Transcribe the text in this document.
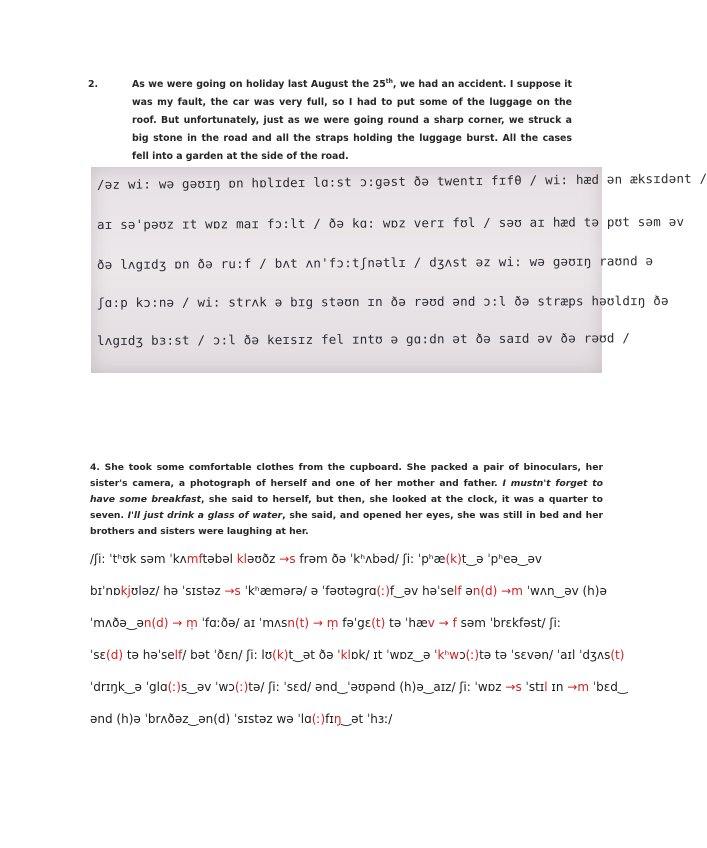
2.	As we were going on holiday last August the 25th, we had an accident. I suppose it was my fault, the car was very full, so I had to put some of the luggage on the roof. But unfortunately, just as we were going round a sharp corner, we struck a big stone in the road and all the straps holding the luggage burst. All the cases fell into a garden at the side of the road.

/əz wi: wə gəʊɪŋ ɒn hɒlɪdeɪ lɑ:st ɔ:gəst ðə twentɪ fɪfθ / wi: hæd ən æksɪdənt /
aɪ sə'pəʊz ɪt wɒz maɪ fɔ:lt / ðə kɑ: wɒz verɪ fʊl / səʊ aɪ hæd tə pʊt səm əv
ðə lʌgɪdʒ ɒn ðə ru:f / bʌt ʌn'fɔ:tʃnətlɪ / dʒʌst əz wi: wə gəʊɪŋ raʊnd ə
ʃɑ:p kɔ:nə / wi: strʌk ə bɪg stəʊn ɪn ðə rəʊd ənd ɔ:l ðə stræps həʊldɪŋ ðə
lʌgɪdʒ bɜ:st / ɔ:l ðə keɪsɪz fel ɪntʊ ə gɑ:dn ət ðə saɪd əv ðə rəʊd /

4. She took some comfortable clothes from the cupboard. She packed a pair of binoculars, her sister's camera, a photograph of herself and one of her mother and father. I mustn't forget to have some breakfast, she said to herself, but then, she looked at the clock, it was a quarter to seven. I'll just drink a glass of water, she said, and opened her eyes, she was still in bed and her brothers and sisters were laughing at her.

/ʃi: ˈtʰʊk səm ˈkʌmftəbəl kləʊðz →s frəm ðə ˈkʰʌbəd/ ʃi: ˈpʰæ(k)t‿ə ˈpʰeə‿əv
bɪˈnɒkjʊləz/ hə ˈsɪstəz →s ˈkʰæmərə/ ə ˈfəʊtəgrɑ(ː)f‿əv həˈself ən(d) →m ˈwʌn‿əv (h)ə
ˈmʌðə‿ən(d) → ṃ ˈfɑːðə/ aɪ ˈmʌsn(t) → ṃ fəˈgɛ(t) tə ˈhæv → f səm ˈbrɛkfəst/ ʃi:
ˈsɛ(d) tə həˈself/ bət ˈðɛn/ ʃi: lʊ(k)t‿ət ðə ˈklɒk/ ɪt ˈwɒz‿ə ˈkʰwɔ(ː)tə tə ˈsɛvən/ ˈaɪl ˈdʒʌs(t)
ˈdrɪŋk‿ə ˈglɑ(ː)s‿əv ˈwɔ(ː)tə/ ʃi: ˈsɛd/ ənd‿ˈəʊpənd (h)ə‿aɪz/ ʃi: ˈwɒz →s ˈstɪl ɪn →m ˈbɛd‿
ənd (h)ə ˈbrʌðəz‿ən(d) ˈsɪstəz wə ˈlɑ(ː)fɪŋ‿ət ˈhɜː/
